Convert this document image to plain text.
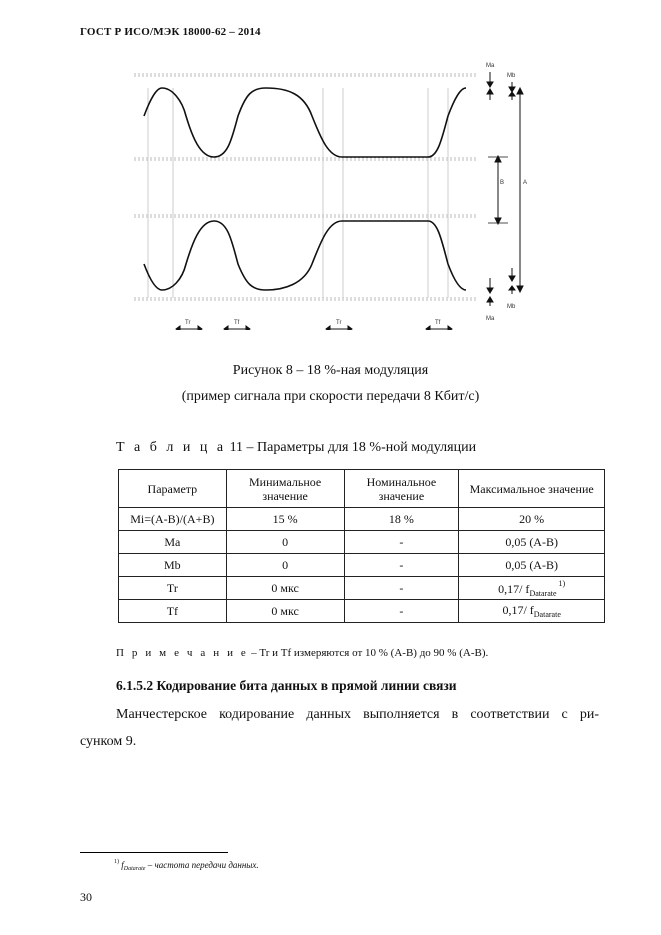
ГОСТ Р ИСО/МЭК 18000-62 – 2014
Ma
Mb
B	A
Mb
Ma
Tr	Tf	Tr	Tf
Рисунок 8 – 18 %-ная модуляция
(пример сигнала при скорости передачи 8 Кбит/с)
Т а б л и ц а 11 – Параметры для 18 %-ной модуляции
Параметр	Минимальное значение	Номинальное значение	Максимальное значение
Mi=(A-B)/(A+B)	15 %	18 %	20 %
Ma	0	-	0,05 (A-B)
Mb	0	-	0,05 (A-B)
Tr	0 мкс	-	0,17/ $f_{Datarate}^{1)}$
Tf	0 мкс	-	0,17/ $f_{Datarate}$
П р и м е ч а н и е – Tr и Tf измеряются от 10 % (A-B) до 90 % (A-B).
6.1.5.2 Кодирование бита данных в прямой линии связи
Манчестерское кодирование данных выполняется в соответствии с ри-
сунком 9.
$^{1)}$ $f_{Datarate}$ – частота передачи данных.
30
